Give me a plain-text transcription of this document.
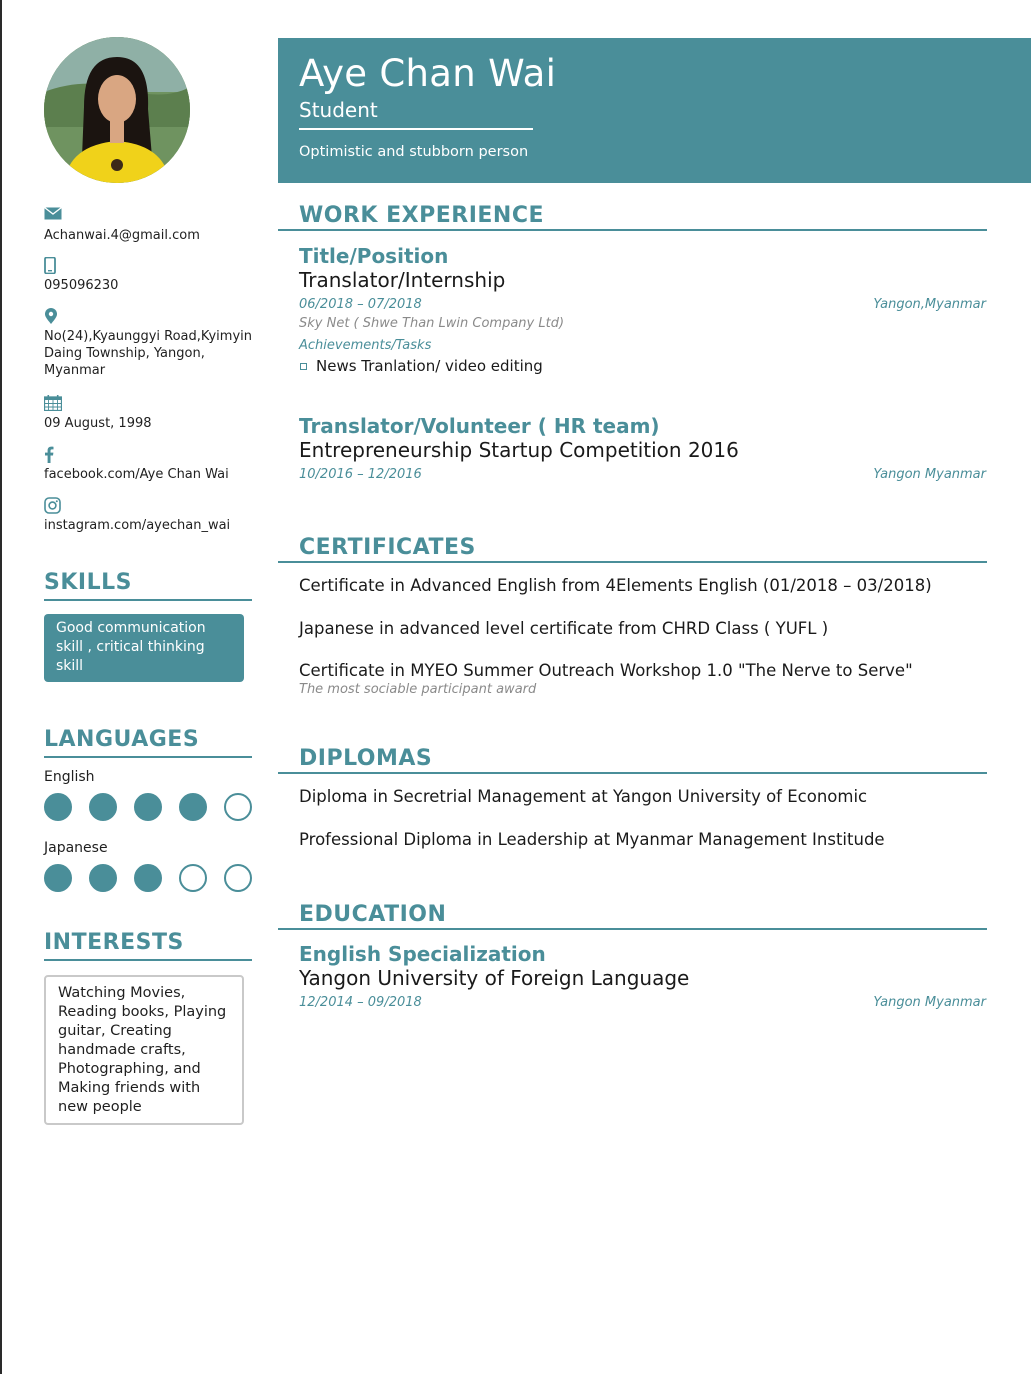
Achanwai.4@gmail.com
095096230
No(24),Kyaunggyi Road,Kyimyin Daing Township, Yangon, Myanmar
09 August, 1998
facebook.com/Aye Chan Wai
instagram.com/ayechan_wai
SKILLS
Good communication skill , critical thinking skill
LANGUAGES
English
Japanese
INTERESTS
Watching Movies, Reading books, Playing guitar, Creating handmade crafts, Photographing, and Making friends with new people
Aye Chan Wai
Student
Optimistic and stubborn person
WORK EXPERIENCE
Title/Position
Translator/Internship
06/2018 – 07/2018	Yangon,Myanmar
Sky Net ( Shwe Than Lwin Company Ltd)
Achievements/Tasks
News Tranlation/ video editing
Translator/Volunteer ( HR team)
Entrepreneurship Startup Competition 2016
10/2016 – 12/2016	Yangon Myanmar
CERTIFICATES
Certificate in Advanced English from 4Elements English (01/2018 – 03/2018)
Japanese in advanced level certificate from CHRD Class ( YUFL )
Certificate in MYEO Summer Outreach Workshop 1.0 "The Nerve to Serve"
The most sociable participant award
DIPLOMAS
Diploma in Secretrial Management at Yangon University of Economic
Professional Diploma in Leadership at Myanmar Management Institude
EDUCATION
English Specialization
Yangon University of Foreign Language
12/2014 – 09/2018	Yangon Myanmar
